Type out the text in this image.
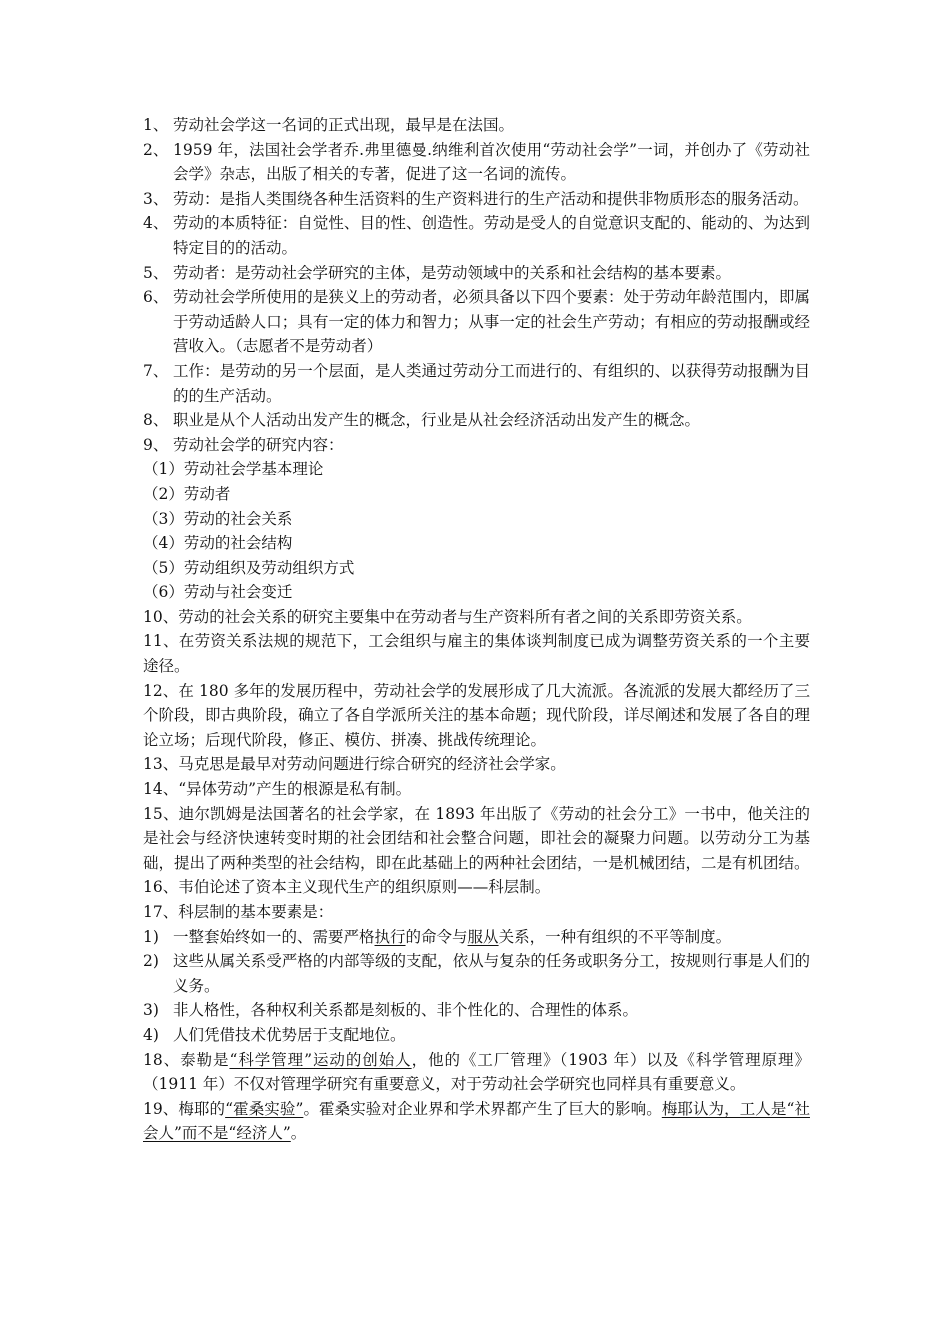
1、 劳动社会学这一名词的正式出现，最早是在法国。
2、 1959 年，法国社会学者乔.弗里德曼.纳维利首次使用“劳动社会学”一词，并创办了《劳动社会学》杂志，出版了相关的专著，促进了这一名词的流传。
3、 劳动：是指人类围绕各种生活资料的生产资料进行的生产活动和提供非物质形态的服务活动。
4、 劳动的本质特征：自觉性、目的性、创造性。劳动是受人的自觉意识支配的、能动的、为达到特定目的的活动。
5、 劳动者：是劳动社会学研究的主体，是劳动领域中的关系和社会结构的基本要素。
6、 劳动社会学所使用的是狭义上的劳动者，必须具备以下四个要素：处于劳动年龄范围内，即属于劳动适龄人口；具有一定的体力和智力；从事一定的社会生产劳动；有相应的劳动报酬或经营收入。（志愿者不是劳动者）
7、 工作：是劳动的另一个层面，是人类通过劳动分工而进行的、有组织的、以获得劳动报酬为目的的生产活动。
8、 职业是从个人活动出发产生的概念，行业是从社会经济活动出发产生的概念。
9、 劳动社会学的研究内容：
（1）劳动社会学基本理论
（2）劳动者
（3）劳动的社会关系
（4）劳动的社会结构
（5）劳动组织及劳动组织方式
（6）劳动与社会变迁
10、劳动的社会关系的研究主要集中在劳动者与生产资料所有者之间的关系即劳资关系。
11、在劳资关系法规的规范下，工会组织与雇主的集体谈判制度已成为调整劳资关系的一个主要途径。
12、在 180 多年的发展历程中，劳动社会学的发展形成了几大流派。各流派的发展大都经历了三个阶段，即古典阶段，确立了各自学派所关注的基本命题；现代阶段，详尽阐述和发展了各自的理论立场；后现代阶段，修正、模仿、拼凑、挑战传统理论。
13、马克思是最早对劳动问题进行综合研究的经济社会学家。
14、“异体劳动”产生的根源是私有制。
15、迪尔凯姆是法国著名的社会学家，在 1893 年出版了《劳动的社会分工》一书中，他关注的是社会与经济快速转变时期的社会团结和社会整合问题，即社会的凝聚力问题。以劳动分工为基础，提出了两种类型的社会结构，即在此基础上的两种社会团结，一是机械团结，二是有机团结。
16、韦伯论述了资本主义现代生产的组织原则——科层制。
17、科层制的基本要素是：
1) 一整套始终如一的、需要严格执行的命令与服从关系，一种有组织的不平等制度。
2) 这些从属关系受严格的内部等级的支配，依从与复杂的任务或职务分工，按规则行事是人们的义务。
3) 非人格性，各种权利关系都是刻板的、非个性化的、合理性的体系。
4) 人们凭借技术优势居于支配地位。
18、泰勒是“科学管理”运动的创始人，他的《工厂管理》（1903 年）以及《科学管理原理》（1911 年）不仅对管理学研究有重要意义，对于劳动社会学研究也同样具有重要意义。
19、梅耶的“霍桑实验”。霍桑实验对企业界和学术界都产生了巨大的影响。梅耶认为，工人是“社会人”而不是“经济人”。
